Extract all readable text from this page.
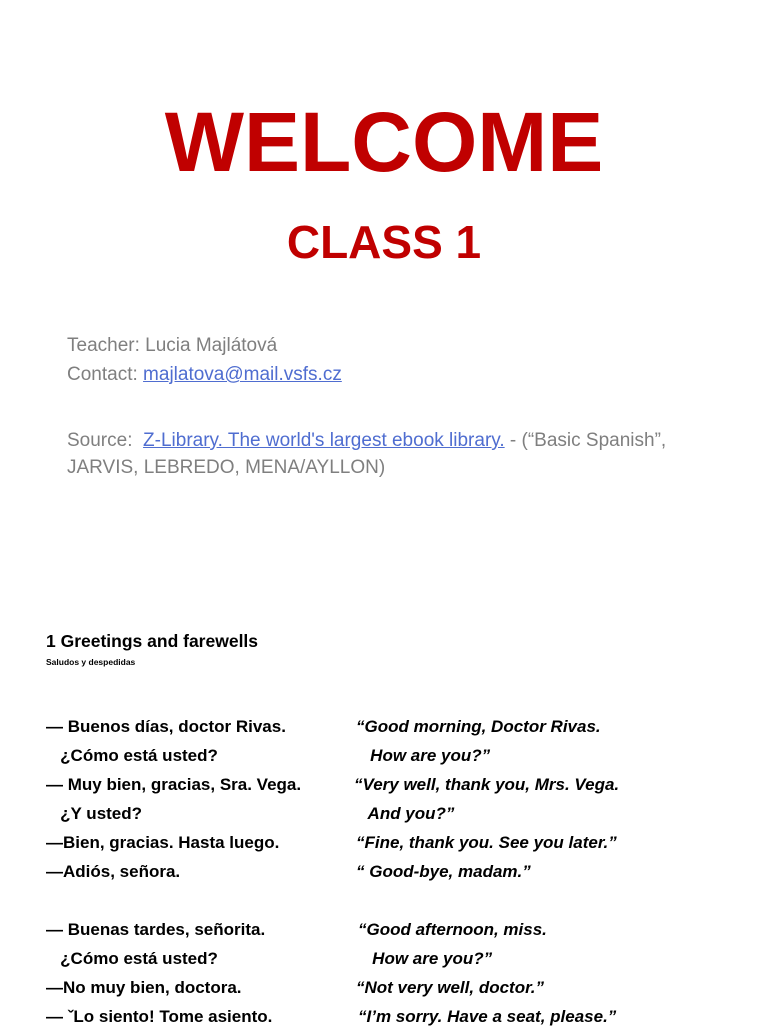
WELCOME
CLASS 1
Teacher: Lucia Majlátová
Contact: majlatova@mail.vsfs.cz
Source:  Z-Library. The world's largest ebook library. - (“Basic Spanish”, JARVIS, LEBREDO, MENA/AYLLON)
1 Greetings and farewells
Saludos y despedidas
— Buenos días, doctor Rivas.
¿Cómo está usted?
— Muy bien, gracias, Sra. Vega.
¿Y usted?
—Bien, gracias. Hasta luego.
—Adiós, señora.
— Buenas tardes, señorita.
¿Cómo está usted?
—No muy bien, doctora.
— ˇLo siento! Tome asiento.
“Good morning, Doctor Rivas.
How are you?”
“Very well, thank you, Mrs. Vega.
And you?”
“Fine, thank you. See you later.”
“ Good-bye, madam.”
“Good afternoon, miss.
How are you?”
“Not very well, doctor.”
“I’m sorry. Have a seat, please.”
